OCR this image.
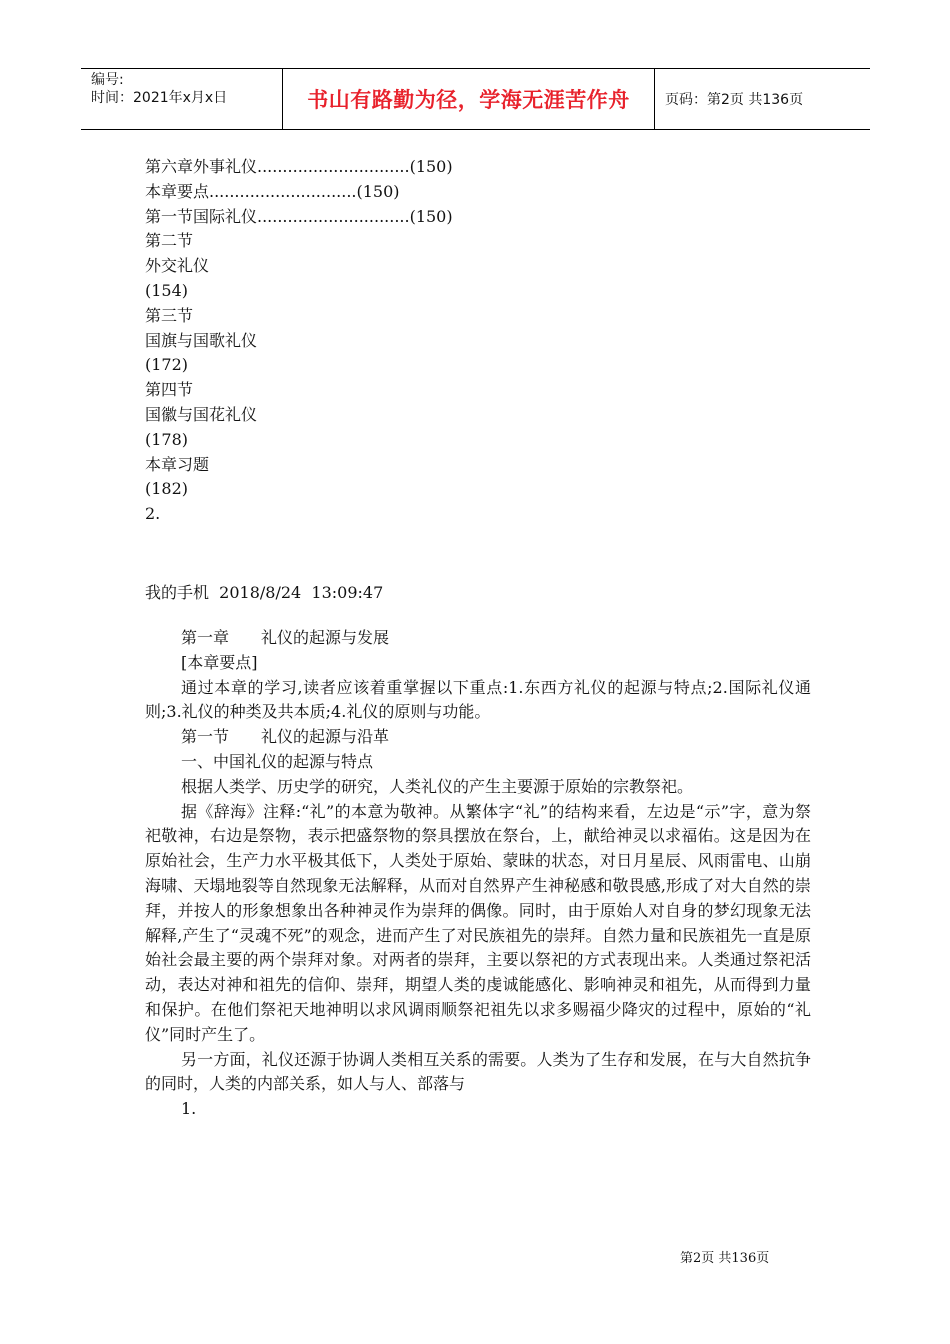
编号:
时间：2021年x月x日	书山有路勤为径，学海无涯苦作舟	页码：第2页 共136页
第六章外事礼仪..............................(150)
本章要点.............................(150)
第一节国际礼仪..............................(150)
第二节
外交礼仪
(154)
第三节
国旗与国歌礼仪
(172)
第四节
国徽与国花礼仪
(178)
本章习题
(182)
2.
我的手机  2018/8/24  13:09:47

第一章　　礼仪的起源与发展

[本章要点]

通过本章的学习,读者应该着重掌握以下重点:1.东西方礼仪的起源与特点;2.国际礼仪通则;3.礼仪的种类及共本质;4.礼仪的原则与功能。

第一节　　礼仪的起源与沿革

一、中国礼仪的起源与特点

根据人类学、历史学的研究，人类礼仪的产生主要源于原始的宗教祭祀。

据《辞海》注释:“礼”的本意为敬神。从繁体字“礼”的结构来看，左边是“示”字，意为祭祀敬神，右边是祭物，表示把盛祭物的祭具摆放在祭台，上，献给神灵以求福佑。这是因为在原始社会，生产力水平极其低下，人类处于原始、蒙昧的状态，对日月星辰、风雨雷电、山崩海啸、天塌地裂等自然现象无法解释，从而对自然界产生神秘感和敬畏感,形成了对大自然的崇拜，并按人的形象想象出各种神灵作为崇拜的偶像。同时，由于原始人对自身的梦幻现象无法解释,产生了“灵魂不死”的观念，进而产生了对民族祖先的崇拜。自然力量和民族祖先一直是原始社会最主要的两个崇拜对象。对两者的崇拜，主要以祭祀的方式表现出来。人类通过祭祀活动，表达对神和祖先的信仰、崇拜，期望人类的虔诚能感化、影响神灵和祖先，从而得到力量和保护。在他们祭祀天地神明以求风调雨顺祭祀祖先以求多赐福少降灾的过程中，原始的“礼仪”同时产生了。

另一方面，礼仪还源于协调人类相互关系的需要。人类为了生存和发展，在与大自然抗争的同时，人类的内部关系，如人与人、部落与

1.

第2页 共136页
